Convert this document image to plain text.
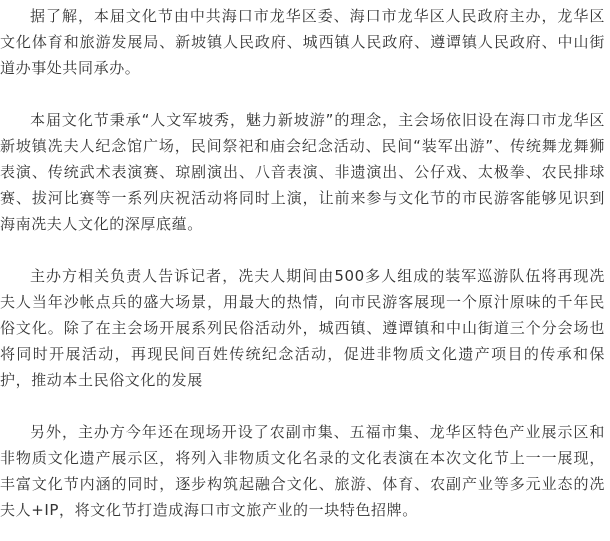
据了解，本届文化节由中共海口市龙华区委、海口市龙华区人民政府主办，龙华区文化体育和旅游发展局、新坡镇人民政府、城西镇人民政府、遵谭镇人民政府、中山街道办事处共同承办。

本届文化节秉承“人文军坡秀，魅力新坡游”的理念，主会场依旧设在海口市龙华区新坡镇冼夫人纪念馆广场，民间祭祀和庙会纪念活动、民间“装军出游”、传统舞龙舞狮表演、传统武术表演赛、琼剧演出、八音表演、非遗演出、公仔戏、太极拳、农民排球赛、拔河比赛等一系列庆祝活动将同时上演，让前来参与文化节的市民游客能够见识到海南冼夫人文化的深厚底蕴。

主办方相关负责人告诉记者，冼夫人期间由500多人组成的装军巡游队伍将再现冼夫人当年沙帐点兵的盛大场景，用最大的热情，向市民游客展现一个原汁原味的千年民俗文化。除了在主会场开展系列民俗活动外，城西镇、遵谭镇和中山街道三个分会场也将同时开展活动，再现民间百姓传统纪念活动，促进非物质文化遗产项目的传承和保护，推动本土民俗文化的发展

另外，主办方今年还在现场开设了农副市集、五福市集、龙华区特色产业展示区和非物质文化遗产展示区，将列入非物质文化名录的文化表演在本次文化节上一一展现，丰富文化节内涵的同时，逐步构筑起融合文化、旅游、体育、农副产业等多元业态的冼夫人+IP，将文化节打造成海口市文旅产业的一块特色招牌。
